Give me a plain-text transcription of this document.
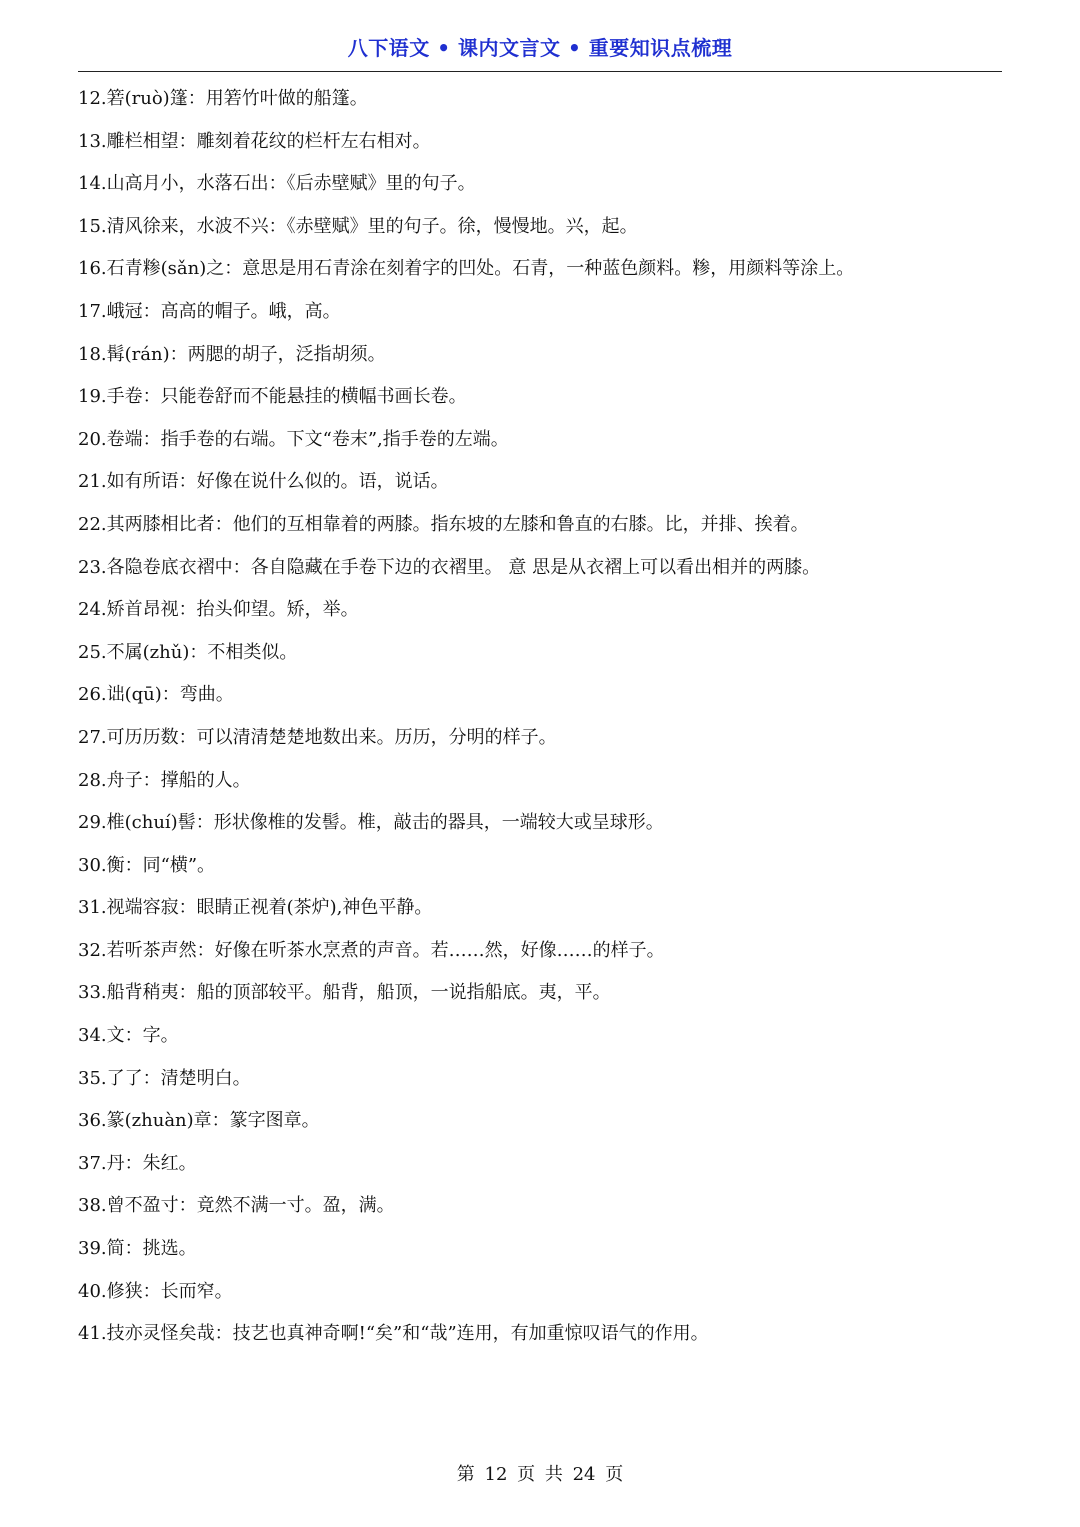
八下语文 • 课内文言文 • 重要知识点梳理
12.箬(ruò)篷：用箬竹叶做的船篷。
13.雕栏相望：雕刻着花纹的栏杆左右相对。
14.山高月小，水落石出：《后赤壁赋》里的句子。
15.清风徐来，水波不兴：《赤壁赋》里的句子。徐，慢慢地。兴，起。
16.石青糁(sǎn)之：意思是用石青涂在刻着字的凹处。石青，一种蓝色颜料。糁，用颜料等涂上。
17.峨冠：高高的帽子。峨，高。
18.髯(rán)：两腮的胡子，泛指胡须。
19.手卷：只能卷舒而不能悬挂的横幅书画长卷。
20.卷端：指手卷的右端。下文“卷末”,指手卷的左端。
21.如有所语：好像在说什么似的。语，说话。
22.其两膝相比者：他们的互相靠着的两膝。指东坡的左膝和鲁直的右膝。比，并排、挨着。
23.各隐卷底衣褶中：各自隐藏在手卷下边的衣褶里。 意 思是从衣褶上可以看出相并的两膝。
24.矫首昂视：抬头仰望。矫，举。
25.不属(zhǔ)：不相类似。
26.诎(qū)：弯曲。
27.可历历数：可以清清楚楚地数出来。历历，分明的样子。
28.舟子：撑船的人。
29.椎(chuí)髻：形状像椎的发髻。椎，敲击的器具，一端较大或呈球形。
30.衡：同“横”。
31.视端容寂：眼睛正视着(茶炉),神色平静。
32.若听茶声然：好像在听茶水烹煮的声音。若……然，好像……的样子。
33.船背稍夷：船的顶部较平。船背，船顶，一说指船底。夷，平。
34.文：字。
35.了了：清楚明白。
36.篆(zhuàn)章：篆字图章。
37.丹：朱红。
38.曾不盈寸：竟然不满一寸。盈，满。
39.简：挑选。
40.修狭：长而窄。
41.技亦灵怪矣哉：技艺也真神奇啊!“矣”和“哉”连用，有加重惊叹语气的作用。
第 12 页 共 24 页
